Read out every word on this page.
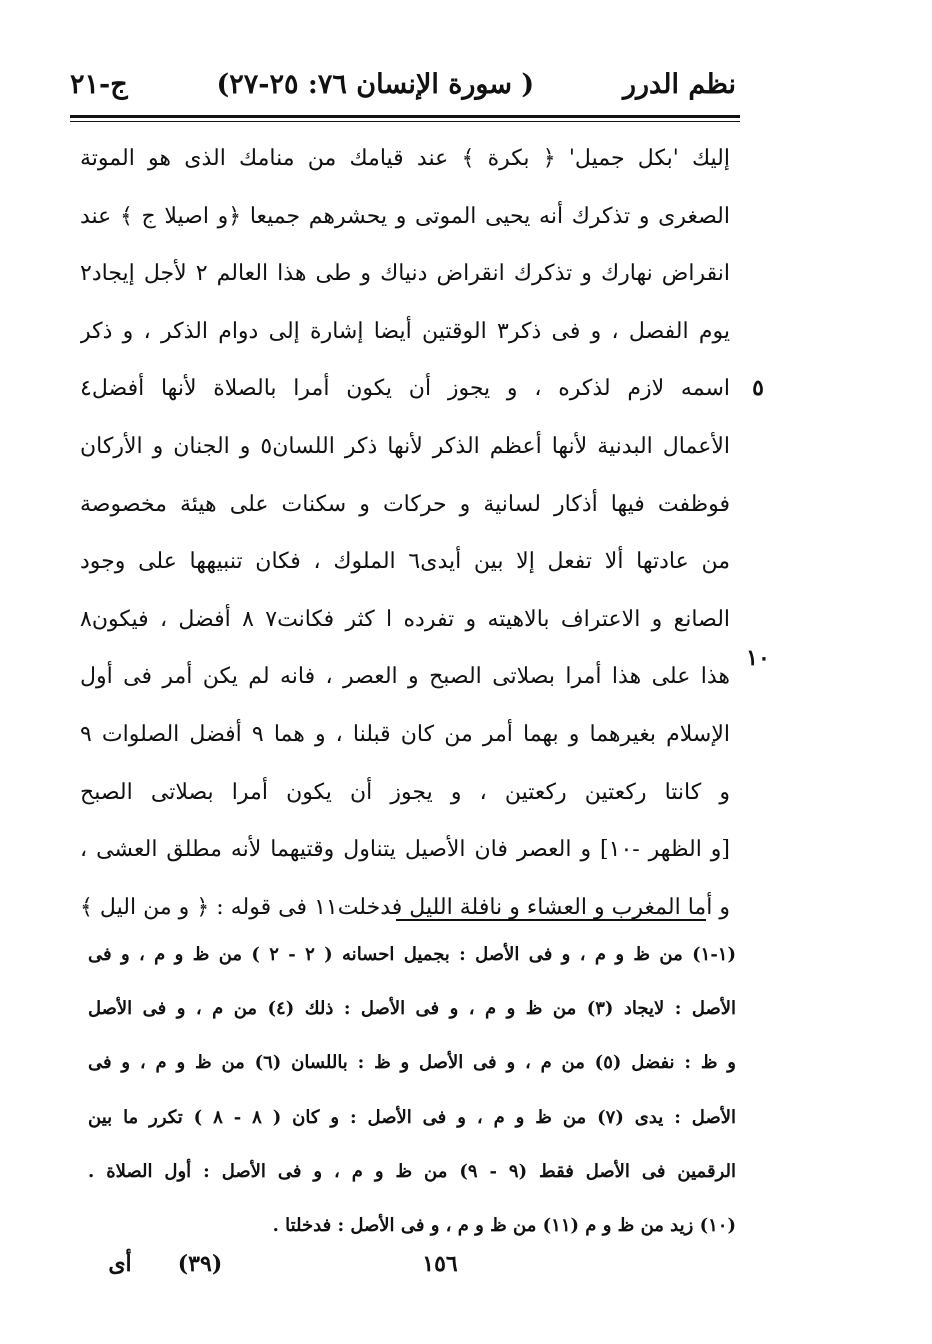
نظم الدرر
( سورة الإنسان ٧٦: ٢٥-٢٧)
ج-٢١
إليك 'بكل جميل' ﴿ بكرة ﴾ عند قيامك من منامك الذى هو الموتة
الصغرى و تذكرك أنه يحيى الموتى و يحشرهم جميعا ﴿و اصيلا ج ﴾ عند
انقراض نهارك و تذكرك انقراض دنياك و طى هذا العالم ٢ لأجل إيجاد٢
يوم الفصل ، و فى ذكر٣ الوقتين أيضا إشارة إلى دوام الذكر ، و ذكر
اسمه لازم لذكره ، و يجوز أن يكون أمرا بالصلاة لأنها أفضل٤
الأعمال البدنية لأنها أعظم الذكر لأنها ذكر اللسان٥ و الجنان و الأركان
فوظفت فيها أذكار لسانية و حركات و سكنات على هيئة مخصوصة
من عادتها ألا تفعل إلا بين أيدى٦ الملوك ، فكان تنبيهها على وجود
الصانع و الاعتراف بالاهيته و تفرده ا كثر فكانت٧ ٨ أفضل ، فيكون٨
هذا على هذا أمرا بصلاتى الصبح و العصر ، فانه لم يكن أمر فى أول
الإسلام بغيرهما و بهما أمر من كان قبلنا ، و هما ٩ أفضل الصلوات ٩
و كانتا ركعتين ركعتين ، و يجوز أن يكون أمرا بصلاتى الصبح
[و الظهر -١٠] و العصر فان الأصيل يتناول وقتيهما لأنه مطلق العشى ،
و أما المغرب و العشاء و نافلة الليل فدخلت١١ فى قوله : ﴿ و من اليل ﴾
٥
١٠
(١-١) من ظ و م ، و فى الأصل : بجميل احسانه ( ٢ - ٢ ) من ظ و م ، و فى
الأصل : لايجاد (٣) من ظ و م ، و فى الأصل : ذلك (٤) من م ، و فى الأصل
و ظ : نفضل (٥) من م ، و فى الأصل و ظ : باللسان (٦) من ظ و م ، و فى
الأصل : يدى (٧) من ظ و م ، و فى الأصل : و كان ( ٨ - ٨ ) تكرر ما بين
الرقمين فى الأصل فقط (٩ - ٩) من ظ و م ، و فى الأصل : أول الصلاة .
(١٠) زيد من ظ و م (١١) من ظ و م ، و فى الأصل : فدخلتا .
١٥٦
(٣٩)
أى
